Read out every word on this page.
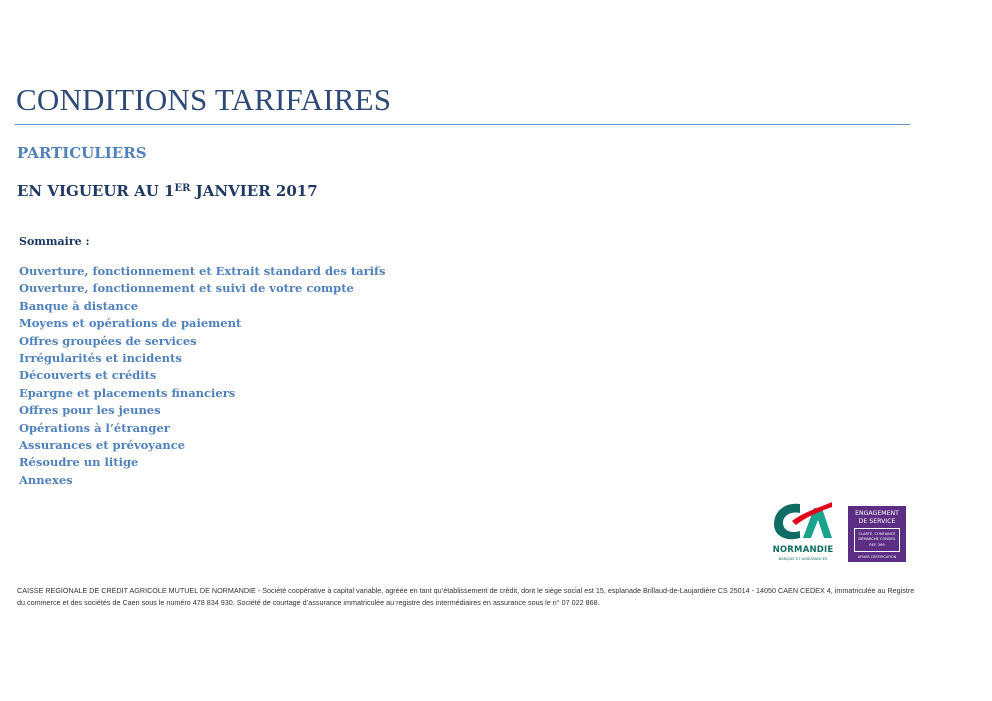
CONDITIONS TARIFAIRES
PARTICULIERS
EN VIGUEUR AU 1ER JANVIER 2017
Sommaire :
Ouverture, fonctionnement et Extrait standard des tarifs
Ouverture, fonctionnement et suivi de votre compte
Banque à distance
Moyens et opérations de paiement
Offres groupées de services
Irrégularités et incidents
Découverts et crédits
Epargne et placements financiers
Offres pour les jeunes
Opérations à l’étranger
Assurances et prévoyance
Résoudre un litige
Annexes
NORMANDIE
BANQUE ET ASSURANCES
ENGAGEMENT
DE SERVICE
CLARTÉ, CONFIANCE
DÉMARCHE CONSEIL
REF. 269
AFNOR CERTIFICATION

CAISSE REGIONALE DE CREDIT AGRICOLE MUTUEL DE NORMANDIE - Société coopérative à capital variable, agréée en tant qu’établissement de crédit, dont le siège social est 15, esplanade Brillaud-de-Laujardière CS 25014 - 14050 CAEN CEDEX 4, immatriculée au Registre du commerce et des sociétés de Caen sous le numéro 478 834 930. Société de courtage d’assurance immatriculée au registre des intermédiaires en assurance sous le n° 07 022 868.
